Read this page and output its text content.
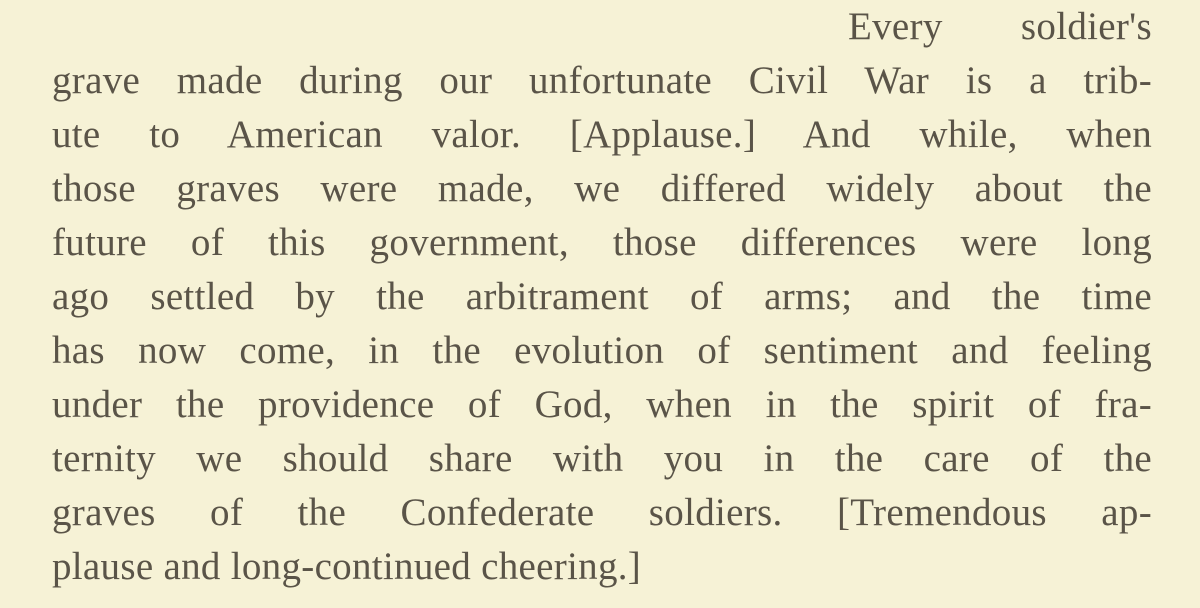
Every soldier's
grave made during our unfortunate Civil War is a trib-
ute to American valor. [Applause.] And while, when
those graves were made, we differed widely about the
future of this government, those differences were long
ago settled by the arbitrament of arms; and the time
has now come, in the evolution of sentiment and feeling
under the providence of God, when in the spirit of fra-
ternity we should share with you in the care of the
graves of the Confederate soldiers. [Tremendous ap-
plause and long-continued cheering.]
